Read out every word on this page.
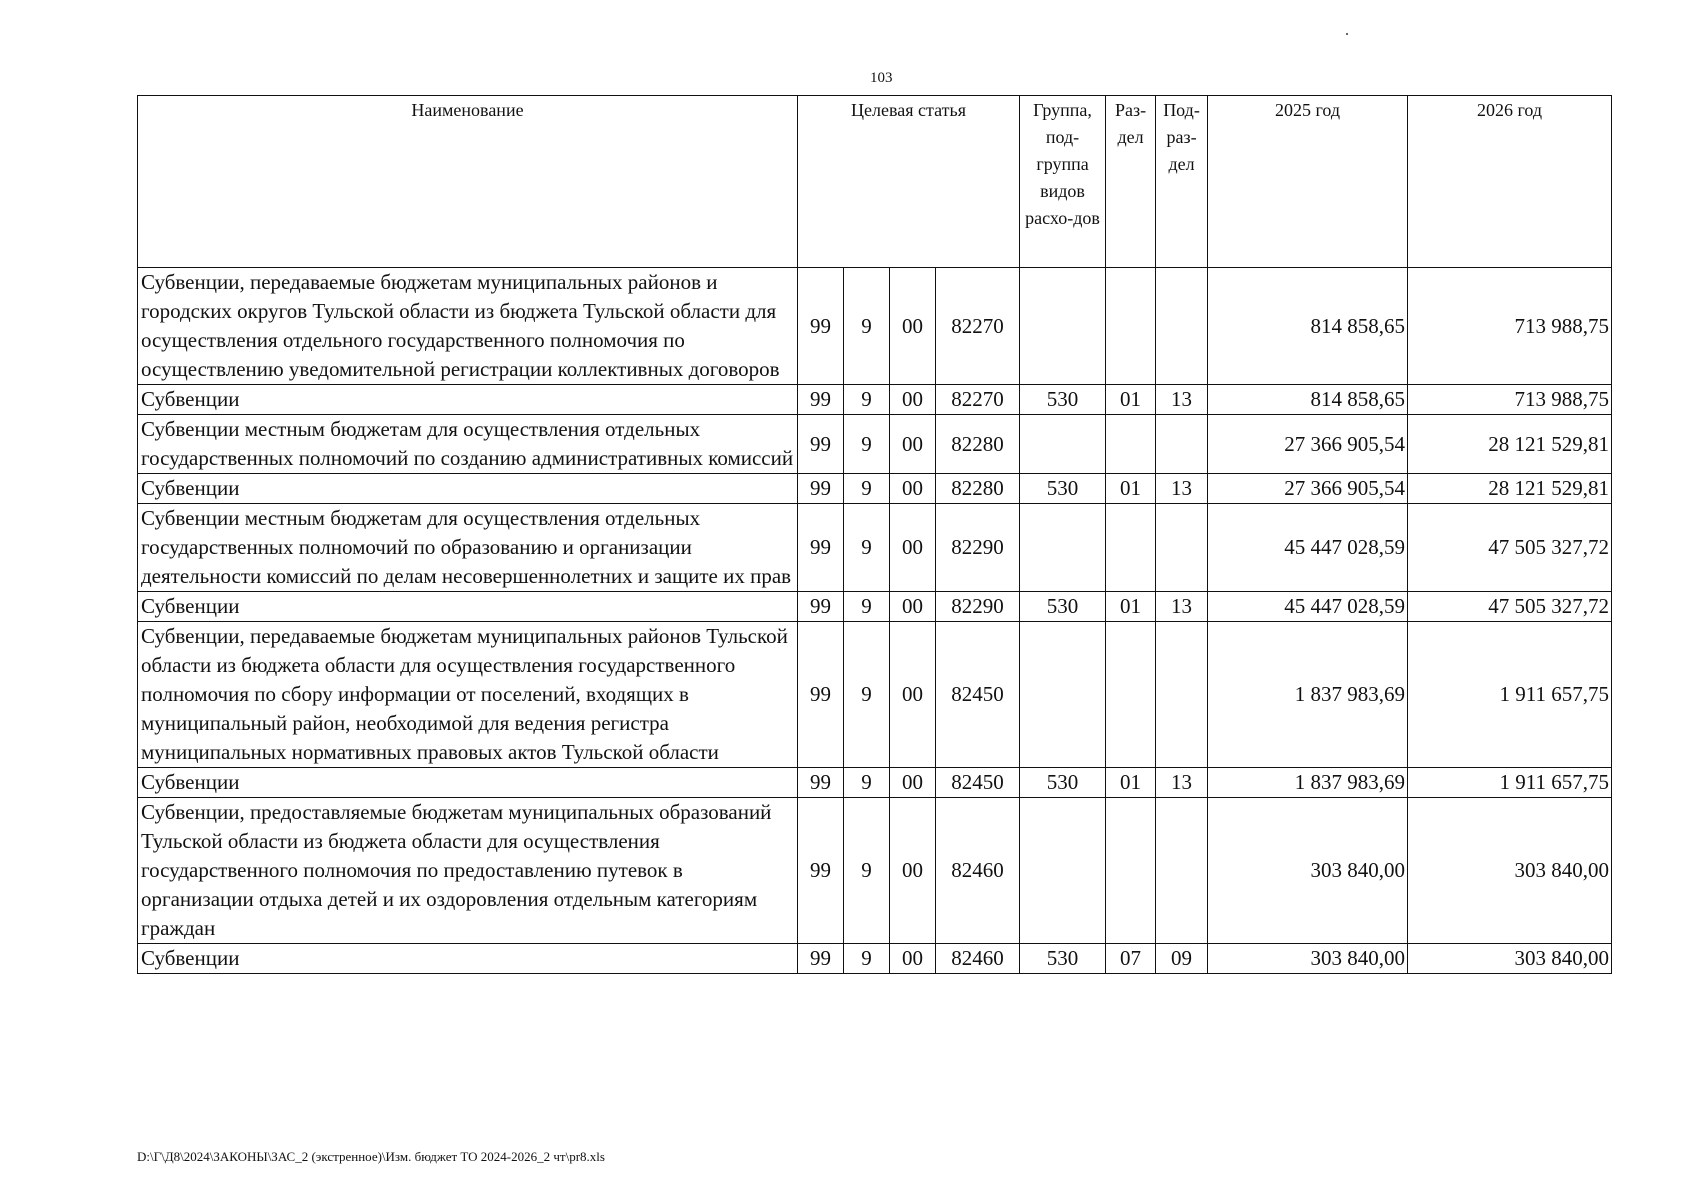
103
Наименование	Целевая статья				Группа, под-группа видов расхо-дов	Раз-дел	Под-раз-дел	2025 год	2026 год
Субвенции, передаваемые бюджетам муниципальных районов и городских округов Тульской области из бюджета Тульской области для осуществления отдельного государственного полномочия по осуществлению уведомительной регистрации коллективных договоров	99	9	00	82270				814 858,65	713 988,75
Субвенции	99	9	00	82270	530	01	13	814 858,65	713 988,75
Субвенции местным бюджетам для осуществления отдельных государственных полномочий по созданию административных комиссий	99	9	00	82280				27 366 905,54	28 121 529,81
Субвенции	99	9	00	82280	530	01	13	27 366 905,54	28 121 529,81
Субвенции местным бюджетам для осуществления отдельных государственных полномочий по образованию и организации деятельности комиссий по делам несовершеннолетних и защите их прав	99	9	00	82290				45 447 028,59	47 505 327,72
Субвенции	99	9	00	82290	530	01	13	45 447 028,59	47 505 327,72
Субвенции, передаваемые бюджетам муниципальных районов Тульской области из бюджета области для осуществления государственного полномочия по сбору информации от поселений, входящих в муниципальный район, необходимой для ведения регистра муниципальных нормативных правовых актов Тульской области	99	9	00	82450				1 837 983,69	1 911 657,75
Субвенции	99	9	00	82450	530	01	13	1 837 983,69	1 911 657,75
Субвенции, предоставляемые бюджетам муниципальных образований Тульской области из бюджета области для осуществления государственного полномочия по предоставлению путевок в организации отдыха детей и их оздоровления отдельным категориям граждан	99	9	00	82460				303 840,00	303 840,00
Субвенции	99	9	00	82460	530	07	09	303 840,00	303 840,00
D:\Г\Д8\2024\ЗАКОНЫ\ЗАС_2 (экстренное)\Изм. бюджет ТО 2024-2026_2 чт\pr8.xls
